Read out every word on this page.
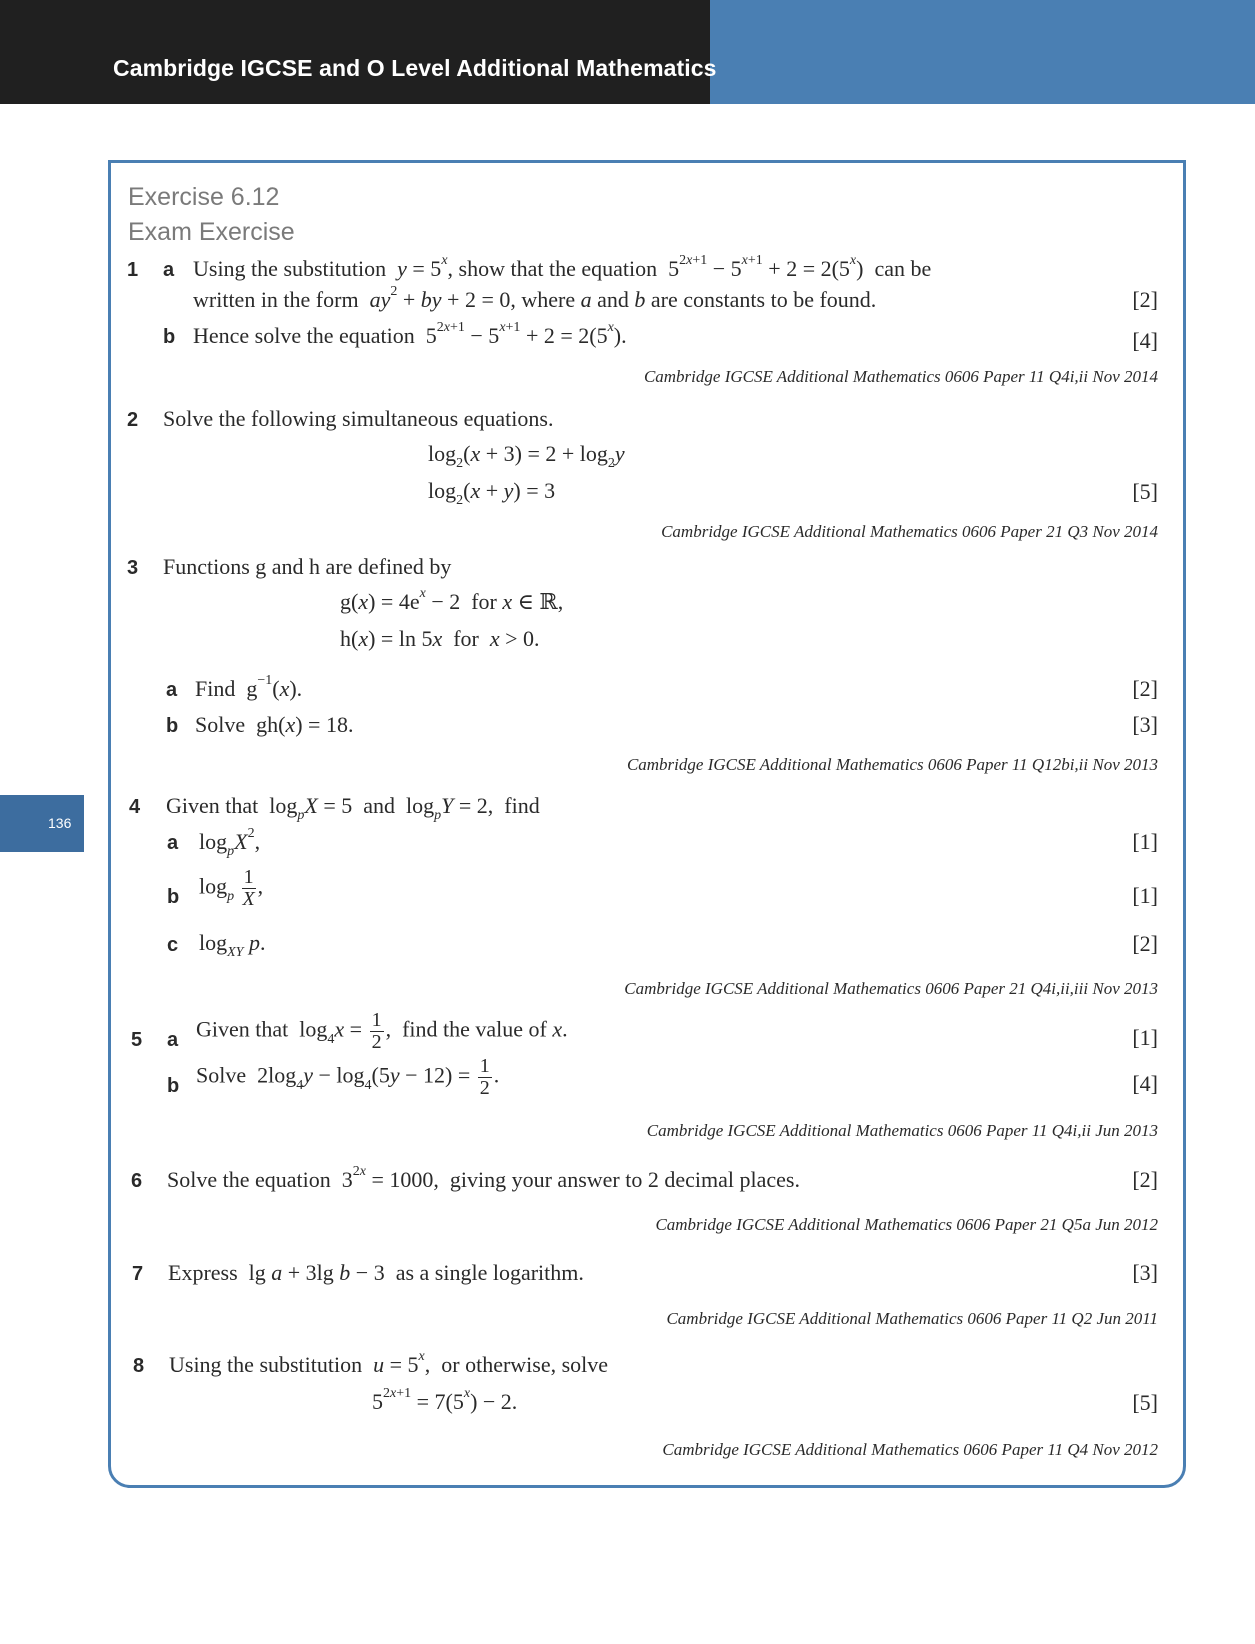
Cambridge IGCSE and O Level Additional Mathematics
136
Exercise 6.12
Exam Exercise
1 a Using the substitution  $y = 5^x$, show that the equation  $5^{2x+1} - 5^{x+1} + 2 = 2(5^x)$  can be
written in the form  $ay^2$ + by + 2 = 0, where a and b are constants to be found.	[2]
b Hence solve the equation  $5^{2x+1} - 5^{x+1} + 2 = 2(5^x)$.	[4]
Cambridge IGCSE Additional Mathematics 0606 Paper 11 Q4i,ii Nov 2014
2 Solve the following simultaneous equations.
$\log_2(x + 3) = 2 + \log_2y$
$\log_2(x + y) = 3$	[5]
Cambridge IGCSE Additional Mathematics 0606 Paper 21 Q3 Nov 2014
3 Functions g and h are defined by
$g(x) = 4e^x - 2$  for x ∈ ℝ,
h(x) = ln 5x  for  x > 0.
a Find  $g^{-1}(x)$.	[2]
b Solve  gh(x) = 18.	[3]
Cambridge IGCSE Additional Mathematics 0606 Paper 11 Q12bi,ii Nov 2013
4 Given that  $\log_pX = 5$  and  $\log_pY = 2$,  find
a $\log_pX^2$,	[1]
b $\log_p \frac{1}{X}$ ,	[1]
c $\log_{XY} p$.	[2]
Cambridge IGCSE Additional Mathematics 0606 Paper 21 Q4i,ii,iii Nov 2013
5 a Given that  $\log_4x = \frac{1}{2}$ ,  find the value of x.	[1]
b Solve  $2\log_4y - \log_4(5y - 12) = \frac{1}{2}$ .	[4]
Cambridge IGCSE Additional Mathematics 0606 Paper 11 Q4i,ii Jun 2013
6 Solve the equation  $3^{2x} = 1000$,  giving your answer to 2 decimal places.	[2]
Cambridge IGCSE Additional Mathematics 0606 Paper 21 Q5a Jun 2012
7 Express  lg a + 3lg b − 3  as a single logarithm.	[3]
Cambridge IGCSE Additional Mathematics 0606 Paper 11 Q2 Jun 2011
8 Using the substitution  $u = 5^x$,  or otherwise, solve
$5^{2x+1} = 7(5^x) - 2$.	[5]
Cambridge IGCSE Additional Mathematics 0606 Paper 11 Q4 Nov 2012
